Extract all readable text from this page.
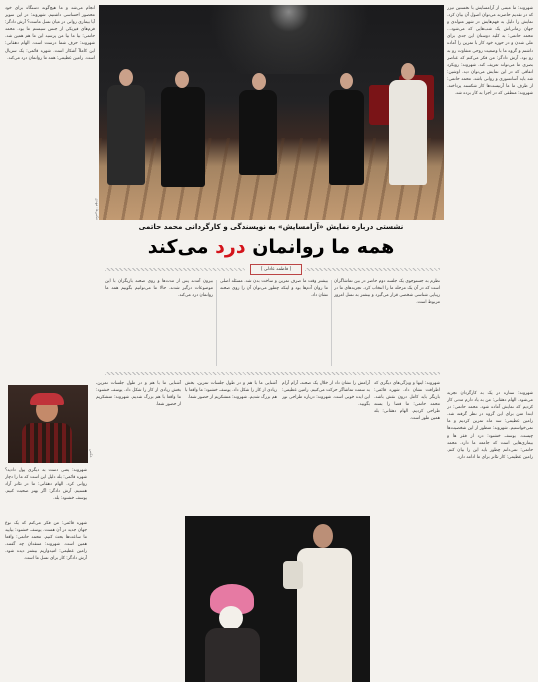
شهروند: ما مبتنی از آرامسایش با نخستین تیزر که در تقدیم حاضرند می‌توان اصول آن بیان کرد. نمایش را دلیل به فهم‌هایش در شهر متولدی و جهان زمانی‌اش یک شب‌هایی که می‌شود... محمد حاتمی: به کلیه دوستان این جدی برای ملی شدن و در حوزه خود کار با تمرین را آماده داشتم و گروه ما با وضعیت روحی متفاوت رو به رو بود. آرش دادگر: من فکر می‌کنم که عناصر بصری ما می‌تواند تعریف کند. شهروند: رویکرد اتفاقی که در این نمایش می‌توان دید. اوشین: شد باید آسانسوری و روانی باشد. محمد حاتمی: از طرف ما ما آرتیست‌ها کار شکسته پرداخته. شهروند: منطقی که در اجرا به کار برده شد.
شهروند: ستاره در یک به کارگردان تجربه می‌شود. الهام دهقانی: من به یاد دارم مدتی کار کردیم که نمایش آماده شود. محمد حاتمی: در ابتدا متن برای این گروه در نظر گرفته شد. رامین عظیمی: سه ماه تمرین کردیم و ما نمی‌خواستیم. شهروند: منظور از این شخصیت‌ها چیست. یوسف خشنود: درد از فقر ها و بیماری‌هایی است که جامعه ما دارد. محمد حاتمی: نمی‌دانم چطور باید این را بیان کنم. رامین عظیمی: کار تئاتر برای ما ادامه دارد.
انجام می‌شد و ما هیچ‌گونه دستگاه برای خود محصور احساسی داشتیم. شهروند: در این سوپر آیا بیماری روانی در میان نسل ماست؟ آرش دادگر: فرم‌های فیزیکی از جنس سیستم ما بود. محمد حاتمی: بیا ما بیا من پرسید این ما هم همین شد. شهروند: حرف شما درست است. الهام دهقانی: این کاملاً آشکار است. شهره قائمی: یک سریال است. رامین عظیمی: همه ما روانمان درد می‌کند.
عکس
شهروند: یعنی دست به دیگری پول دادید؟ شهره قائمی: بله دلیل این است که ما را دچار روانی کرد. الهام دهقانی: ما در تئاتر آزاد هستیم. آرش دادگر: اگر بهتر صحبت کنیم. یوسف خشنود: بله.
شهره قائمی: من فکر می‌کنم که یک نوع جهان جدید در آن هست. یوسف خشنود: بیایید ما ساعت‌ها بحث کنیم. محمد حاتمی: واقعا همین است. شهروند: منتقدان چه گفتند. رامین عظیمی: امیدواریم بیشتر دیده شود. آرش دادگر: کار برای نسل ما است.
عکس‌ها: مهدی
نشستی درباره نمایش «آرامسایش» به نویسندگی و کارگردانی محمد حاتمی
همه ما روانمان درد می‌کند
[ فاطمه عادلی ]
نظرم به جستوجوی یک جلسه دوم حاضر در بین تماشاگران است که در آن یک مرحله ما را انتخاب کرد. تجربه‌های ما در زیبایی شناسی شخصی قرار می‌گیرد و بیشتر به نسل امروز مربوط است.
بیشتر وقت ما صرف تمرین و ساخت بدن شد. مسئله اصلی ما روان آدم‌ها بود و اینکه چطور می‌توان آن را روی صحنه نشان داد.
بیرون آمدند پس از مدت‌ها و روی صحنه بازیگران با این موضوعات درگیر شدند. حالا ما می‌توانیم بگوییم همه ما روانمان درد می‌کند.
شهروند: اینها و ویژگی‌های دیگری که اطرافت نشان داد. شهره قائمی: بازیگر باید کامل درون نقش باشد. محمد حاتمی: ما فضا را بسته طراحی کردیم. الهام دهقانی: بله همین طور است.
آرامش را نشان داد از خلال یک صحنه، آرام آرام به سمت تماشاگر حرکت می‌کنیم. رامین عظیمی: این ایده خوبی است. شهروند: درباره طراحی نور بگویید.
آشنایی ما با هم و در طول جلسات تمرین، بخش زیادی از کار را شکل داد. یوسف خشنود: ما واقعا با هم بزرگ شدیم. شهروند: متشکریم از حضور شما.
آشنایی ما با هم و در طول جلسات تمرین، بخش زیادی از کار را شکل داد. یوسف خشنود: ما واقعا با هم بزرگ شدیم. شهروند: متشکریم از حضور شما.
